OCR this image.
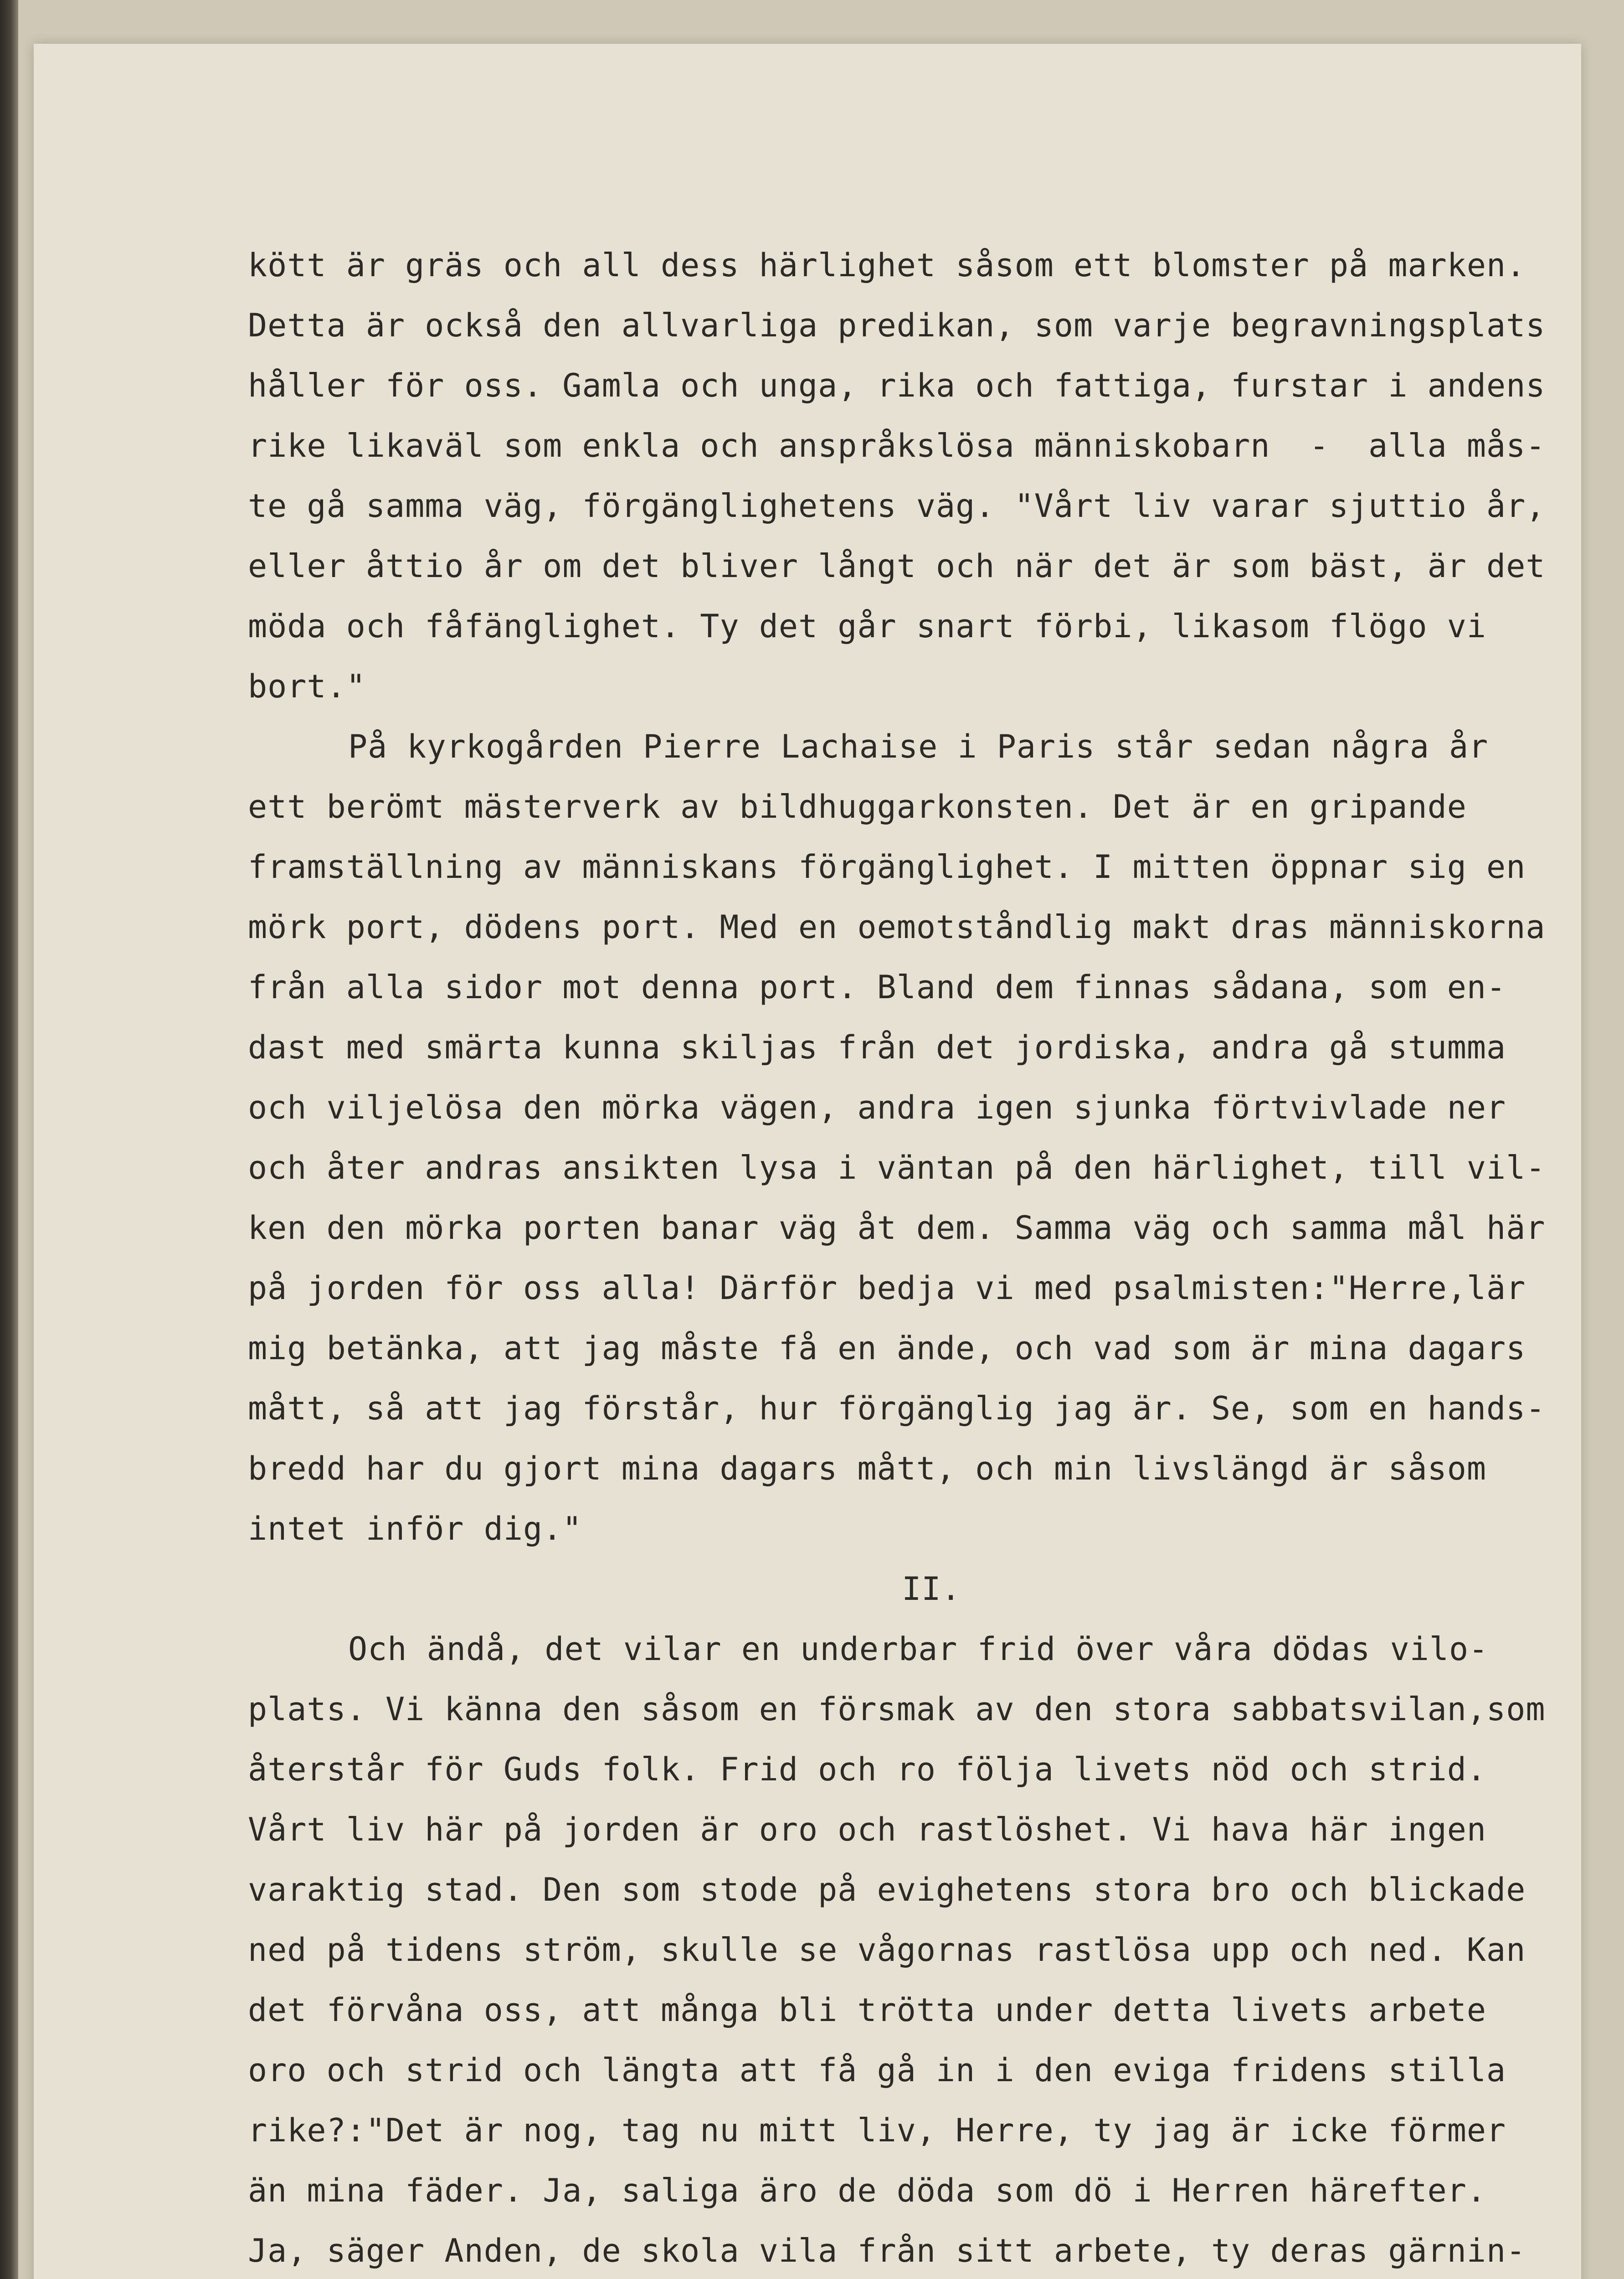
kött är gräs och all dess härlighet såsom ett blomster på marken.
Detta är också den allvarliga predikan, som varje begravningsplats
håller för oss. Gamla och unga, rika och fattiga, furstar i andens
rike likaväl som enkla och anspråkslösa människobarn  -  alla mås-
te gå samma väg, förgänglighetens väg. "Vårt liv varar sjuttio år,
eller åttio år om det bliver långt och när det är som bäst, är det
möda och fåfänglighet. Ty det går snart förbi, likasom flögo vi
bort."
På kyrkogården Pierre Lachaise i Paris står sedan några år
ett berömt mästerverk av bildhuggarkonsten. Det är en gripande
framställning av människans förgänglighet. I mitten öppnar sig en
mörk port, dödens port. Med en oemotståndlig makt dras människorna
från alla sidor mot denna port. Bland dem finnas sådana, som en-
dast med smärta kunna skiljas från det jordiska, andra gå stumma
och viljelösa den mörka vägen, andra igen sjunka förtvivlade ner
och åter andras ansikten lysa i väntan på den härlighet, till vil-
ken den mörka porten banar väg åt dem. Samma väg och samma mål här
på jorden för oss alla! Därför bedja vi med psalmisten:"Herre,lär
mig betänka, att jag måste få en ände, och vad som är mina dagars
mått, så att jag förstår, hur förgänglig jag är. Se, som en hands-
bredd har du gjort mina dagars mått, och min livslängd är såsom
intet inför dig."
II.
Och ändå, det vilar en underbar frid över våra dödas vilo-
plats. Vi känna den såsom en försmak av den stora sabbatsvilan,som
återstår för Guds folk. Frid och ro följa livets nöd och strid.
Vårt liv här på jorden är oro och rastlöshet. Vi hava här ingen
varaktig stad. Den som stode på evighetens stora bro och blickade
ned på tidens ström, skulle se vågornas rastlösa upp och ned. Kan
det förvåna oss, att många bli trötta under detta livets arbete
oro och strid och längta att få gå in i den eviga fridens stilla
rike?:"Det är nog, tag nu mitt liv, Herre, ty jag är icke förmer
än mina fäder. Ja, saliga äro de döda som dö i Herren härefter.
Ja, säger Anden, de skola vila från sitt arbete, ty deras gärnin-
